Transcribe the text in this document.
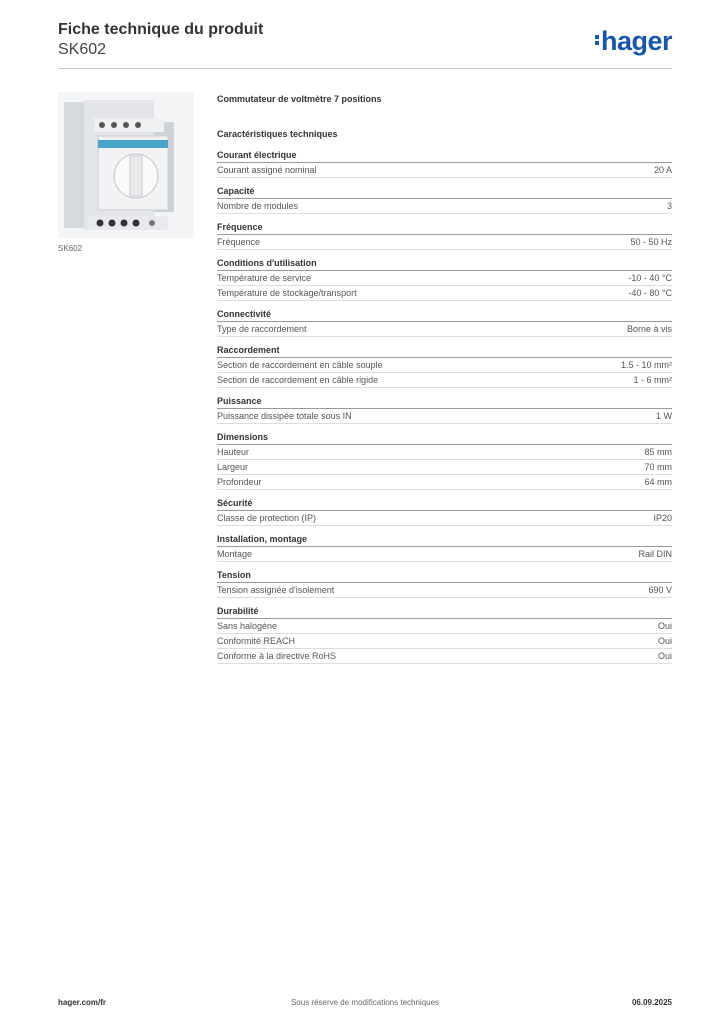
Fiche technique du produit
SK602	hager
SK602
Commutateur de voltmètre 7 positions
Caractéristiques techniques
Courant électrique
Courant assigné nominal	20 A
Capacité
Nombre de modules	3
Fréquence
Fréquence	50 - 50 Hz
Conditions d'utilisation
Température de service	-10 - 40 °C
Température de stockage/transport	-40 - 80 °C
Connectivité
Type de raccordement	Borne à vis
Raccordement
Section de raccordement en câble souple	1.5 - 10 mm²
Section de raccordement en câble rigide	1 - 6 mm²
Puissance
Puissance dissipée totale sous IN	1 W
Dimensions
Hauteur	85 mm
Largeur	70 mm
Profondeur	64 mm
Sécurité
Classe de protection (IP)	IP20
Installation, montage
Montage	Rail DIN
Tension
Tension assignée d'isolement	690 V
Durabilité
Sans halogène	Oui
Conformité REACH	Oui
Conforme à la directive RoHS	Oui
Sous réserve de modifications techniques
hager.com/fr	06.09.2025
